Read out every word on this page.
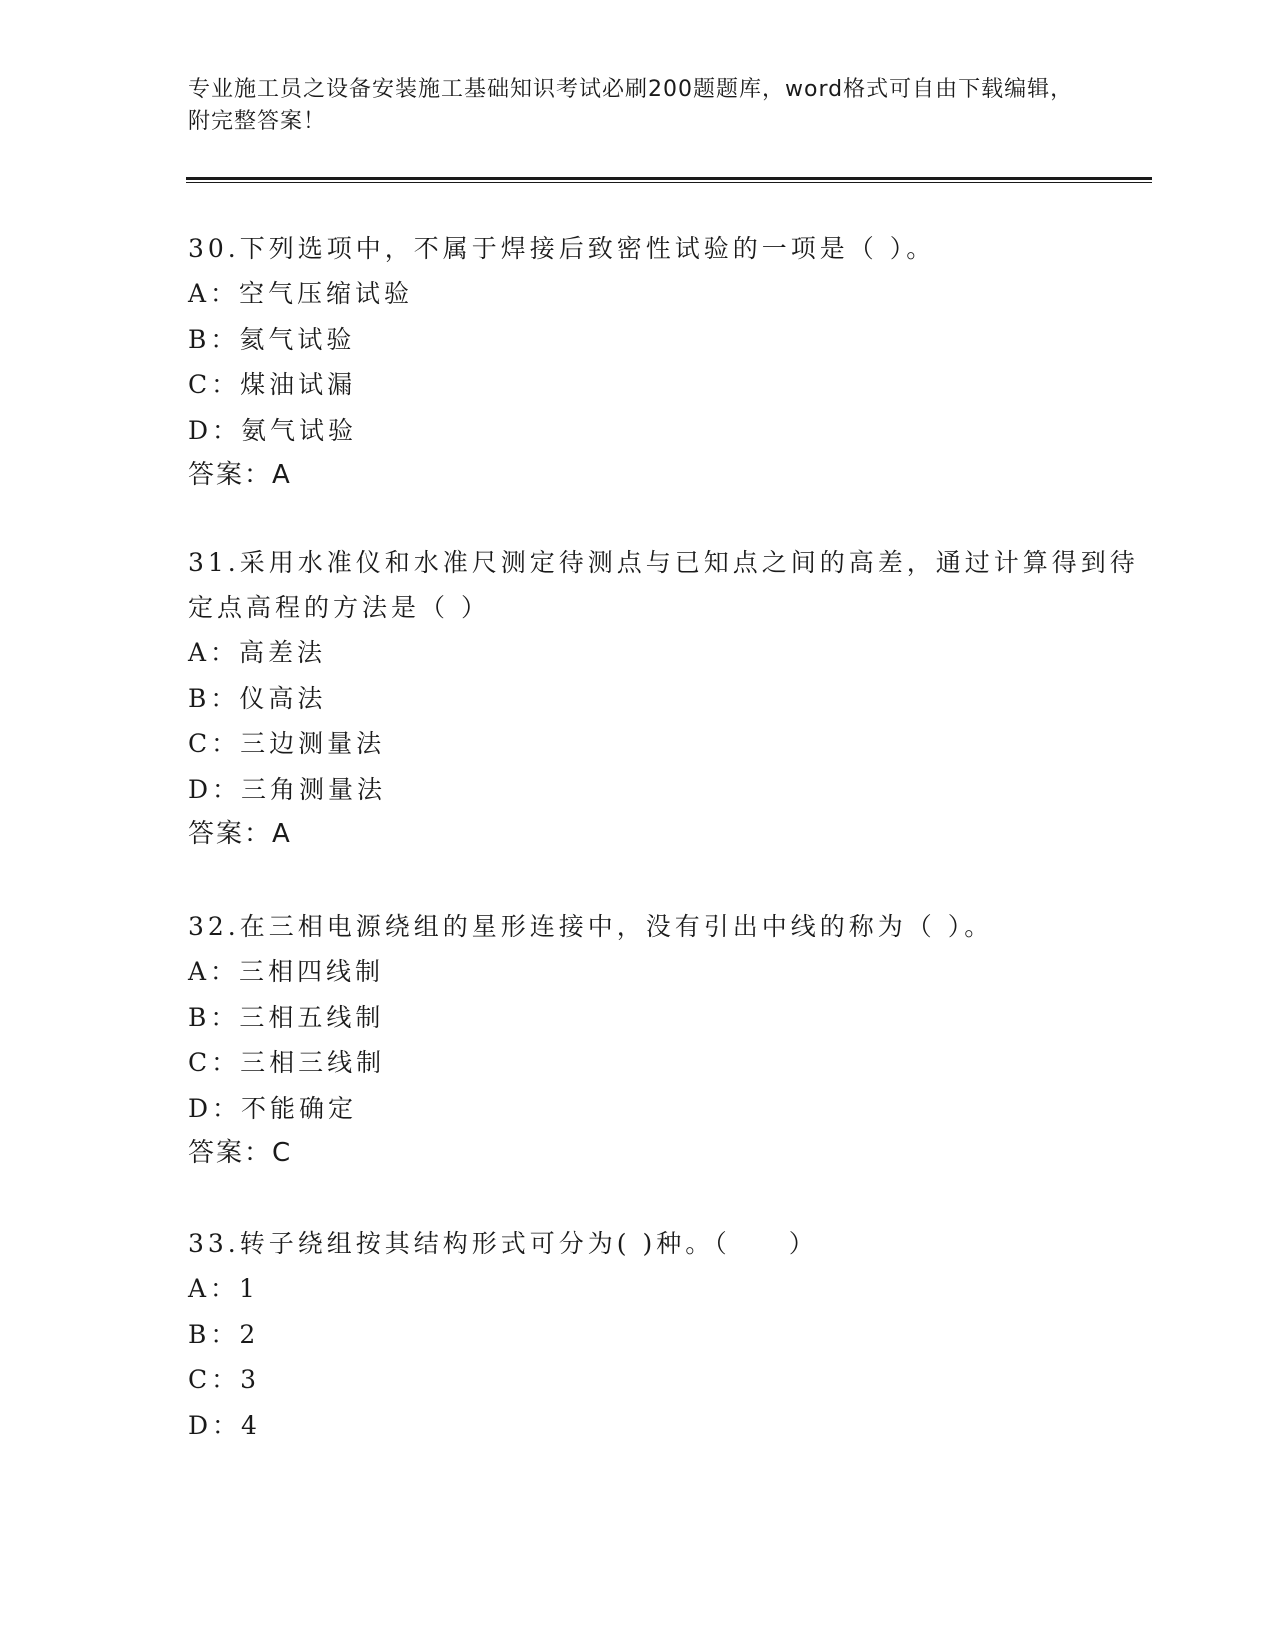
专业施工员之设备安装施工基础知识考试必刷200题题库，word格式可自由下载编辑，附完整答案！
30.下列选项中，不属于焊接后致密性试验的一项是（ ）。
A：空气压缩试验
B：氦气试验
C：煤油试漏
D：氨气试验
答案：A
31.采用水准仪和水准尺测定待测点与已知点之间的高差，通过计算得到待定点高程的方法是（ ）
A：高差法
B：仪高法
C：三边测量法
D：三角测量法
答案：A
32.在三相电源绕组的星形连接中，没有引出中线的称为（ ）。
A：三相四线制
B：三相五线制
C：三相三线制
D：不能确定
答案：C
33.转子绕组按其结构形式可分为( )种。（　　）
A：1
B：2
C：3
D：4
